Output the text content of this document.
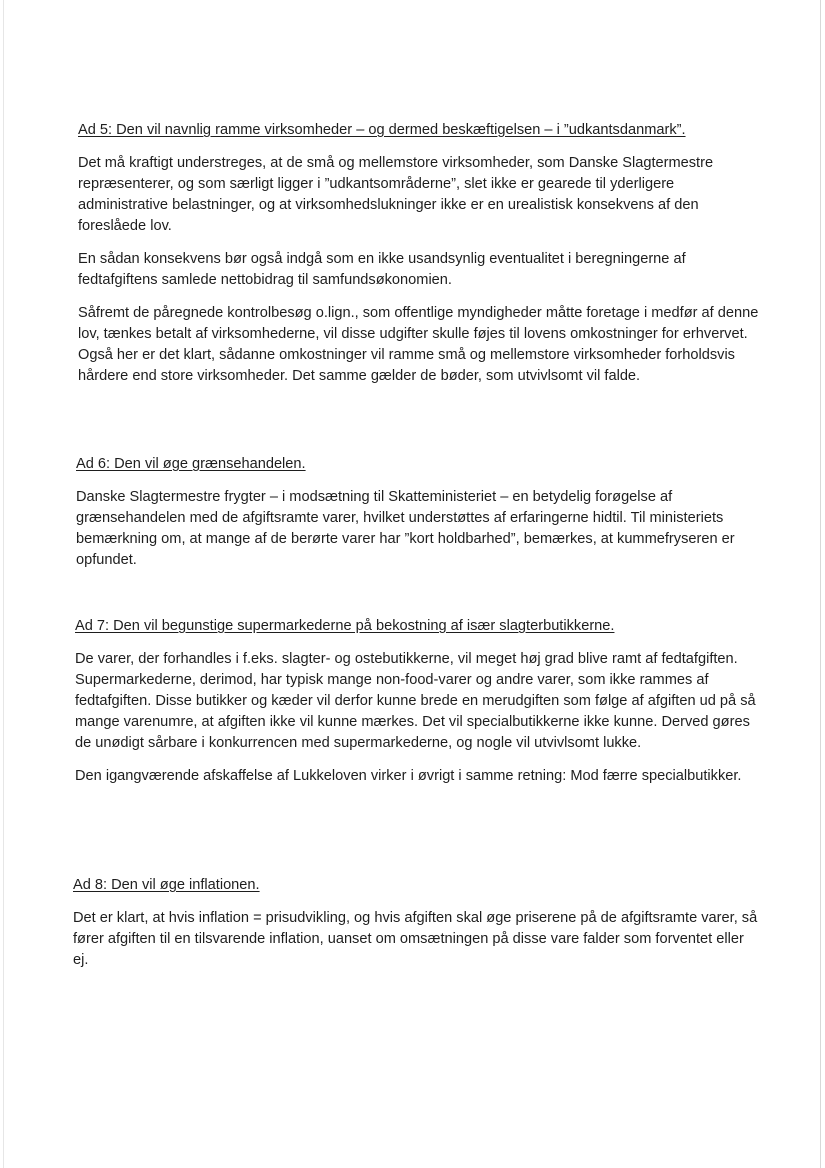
Ad 5: Den vil navnlig ramme virksomheder – og dermed beskæftigelsen – i ”udkantsdanmark”.

Det må kraftigt understreges, at de små og mellemstore virksomheder, som Danske Slagtermestre repræsenterer, og som særligt ligger i ”udkantsområderne”, slet ikke er gearede til yderligere administrative belastninger, og at virksomhedslukninger ikke er en urealistisk konsekvens af den foreslåede lov.

En sådan konsekvens bør også indgå som en ikke usandsynlig eventualitet i beregningerne af fedtafgiftens samlede nettobidrag til samfundsøkonomien.

Såfremt de påregnede kontrolbesøg o.lign., som offentlige myndigheder måtte foretage i medfør af denne lov, tænkes betalt af virksomhederne, vil disse udgifter skulle føjes til lovens omkostninger for erhvervet. Også her er det klart, sådanne omkostninger vil ramme små og mellemstore virksomheder forholdsvis hårdere end store virksomheder. Det samme gælder de bøder, som utvivlsomt vil falde.

Ad 6: Den vil øge grænsehandelen.

Danske Slagtermestre frygter – i modsætning til Skatteministeriet – en betydelig forøgelse af grænsehandelen med de afgiftsramte varer, hvilket understøttes af erfaringerne hidtil. Til ministeriets bemærkning om, at mange af de berørte varer har ”kort holdbarhed”, bemærkes, at kummefryseren er opfundet.

Ad 7: Den vil begunstige supermarkederne på bekostning af især slagterbutikkerne.

De varer, der forhandles i f.eks. slagter- og ostebutikkerne, vil meget høj grad blive ramt af fedtafgiften. Supermarkederne, derimod, har typisk mange non-food-varer og andre varer, som ikke rammes af fedtafgiften. Disse butikker og kæder vil derfor kunne brede en merudgiften som følge af afgiften ud på så mange varenumre, at afgiften ikke vil kunne mærkes. Det vil specialbutikkerne ikke kunne. Derved gøres de unødigt sårbare i konkurrencen med supermarkederne, og nogle vil utvivlsomt lukke.

Den igangværende afskaffelse af Lukkeloven virker i øvrigt i samme retning: Mod færre specialbutikker.

Ad 8: Den vil øge inflationen.

Det er klart, at hvis inflation = prisudvikling, og hvis afgiften skal øge priserene på de afgiftsramte varer, så fører afgiften til en tilsvarende inflation, uanset om omsætningen på disse vare falder som forventet eller ej.
